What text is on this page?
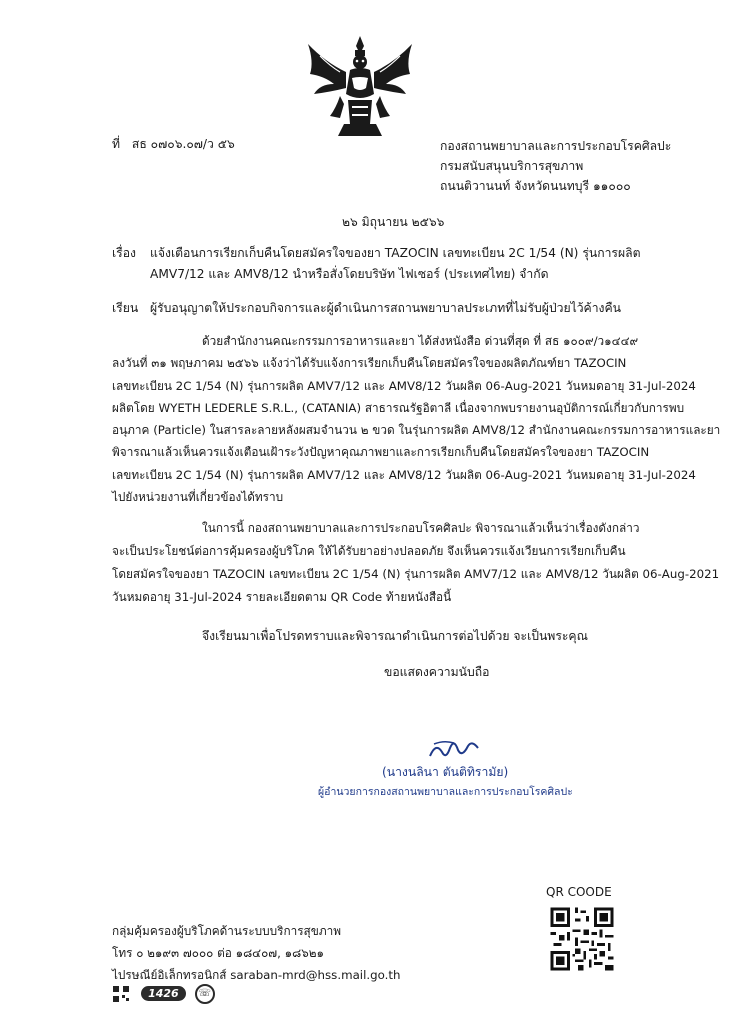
ที่ สธ ๐๗๐๖.๐๗/ว ๕๖	กองสถานพยาบาลและการประกอบโรคศิลปะ
กรมสนับสนุนบริการสุขภาพ
ถนนติวานนท์ จังหวัดนนทบุรี ๑๑๐๐๐
๒๖ มิถุนายน ๒๕๖๖
เรื่อง แจ้งเตือนการเรียกเก็บคืนโดยสมัครใจของยา TAZOCIN เลขทะเบียน 2C 1/54 (N) รุ่นการผลิต
AMV7/12 และ AMV8/12 นำหรือสั่งโดยบริษัท ไฟเซอร์ (ประเทศไทย) จำกัด
เรียน ผู้รับอนุญาตให้ประกอบกิจการและผู้ดำเนินการสถานพยาบาลประเภทที่ไม่รับผู้ป่วยไว้ค้างคืน
ด้วยสำนักงานคณะกรรมการอาหารและยา ได้ส่งหนังสือ ด่วนที่สุด ที่ สธ ๑๐๐๙/ว๑๔๔๙
ลงวันที่ ๓๑ พฤษภาคม ๒๕๖๖ แจ้งว่าได้รับแจ้งการเรียกเก็บคืนโดยสมัครใจของผลิตภัณฑ์ยา TAZOCIN
เลขทะเบียน 2C 1/54 (N) รุ่นการผลิต AMV7/12 และ AMV8/12 วันผลิต 06-Aug-2021 วันหมดอายุ 31-Jul-2024
ผลิตโดย WYETH LEDERLE S.R.L., (CATANIA) สาธารณรัฐอิตาลี เนื่องจากพบรายงานอุบัติการณ์เกี่ยวกับการพบ
อนุภาค (Particle) ในสารละลายหลังผสมจำนวน ๒ ขวด ในรุ่นการผลิต AMV8/12 สำนักงานคณะกรรมการอาหารและยา
พิจารณาแล้วเห็นควรแจ้งเตือนเฝ้าระวังปัญหาคุณภาพยาและการเรียกเก็บคืนโดยสมัครใจของยา TAZOCIN
เลขทะเบียน 2C 1/54 (N) รุ่นการผลิต AMV7/12 และ AMV8/12 วันผลิต 06-Aug-2021 วันหมดอายุ 31-Jul-2024
ไปยังหน่วยงานที่เกี่ยวข้องได้ทราบ
ในการนี้ กองสถานพยาบาลและการประกอบโรคศิลปะ พิจารณาแล้วเห็นว่าเรื่องดังกล่าว
จะเป็นประโยชน์ต่อการคุ้มครองผู้บริโภค ให้ได้รับยาอย่างปลอดภัย จึงเห็นควรแจ้งเวียนการเรียกเก็บคืน
โดยสมัครใจของยา TAZOCIN เลขทะเบียน 2C 1/54 (N) รุ่นการผลิต AMV7/12 และ AMV8/12 วันผลิต 06-Aug-2021
วันหมดอายุ 31-Jul-2024 รายละเอียดตาม QR Code ท้ายหนังสือนี้
จึงเรียนมาเพื่อโปรดทราบและพิจารณาดำเนินการต่อไปด้วย จะเป็นพระคุณ
ขอแสดงความนับถือ
(นางนลินา ตันติทิรามัย)
ผู้อำนวยการกองสถานพยาบาลและการประกอบโรคศิลปะ
QR COODE
กลุ่มคุ้มครองผู้บริโภคด้านระบบบริการสุขภาพ
โทร ๐ ๒๑๙๓ ๗๐๐๐ ต่อ ๑๘๔๐๗, ๑๘๖๒๑
ไปรษณีย์อิเล็กทรอนิกส์ saraban-mrd@hss.mail.go.th
1426 ☏
